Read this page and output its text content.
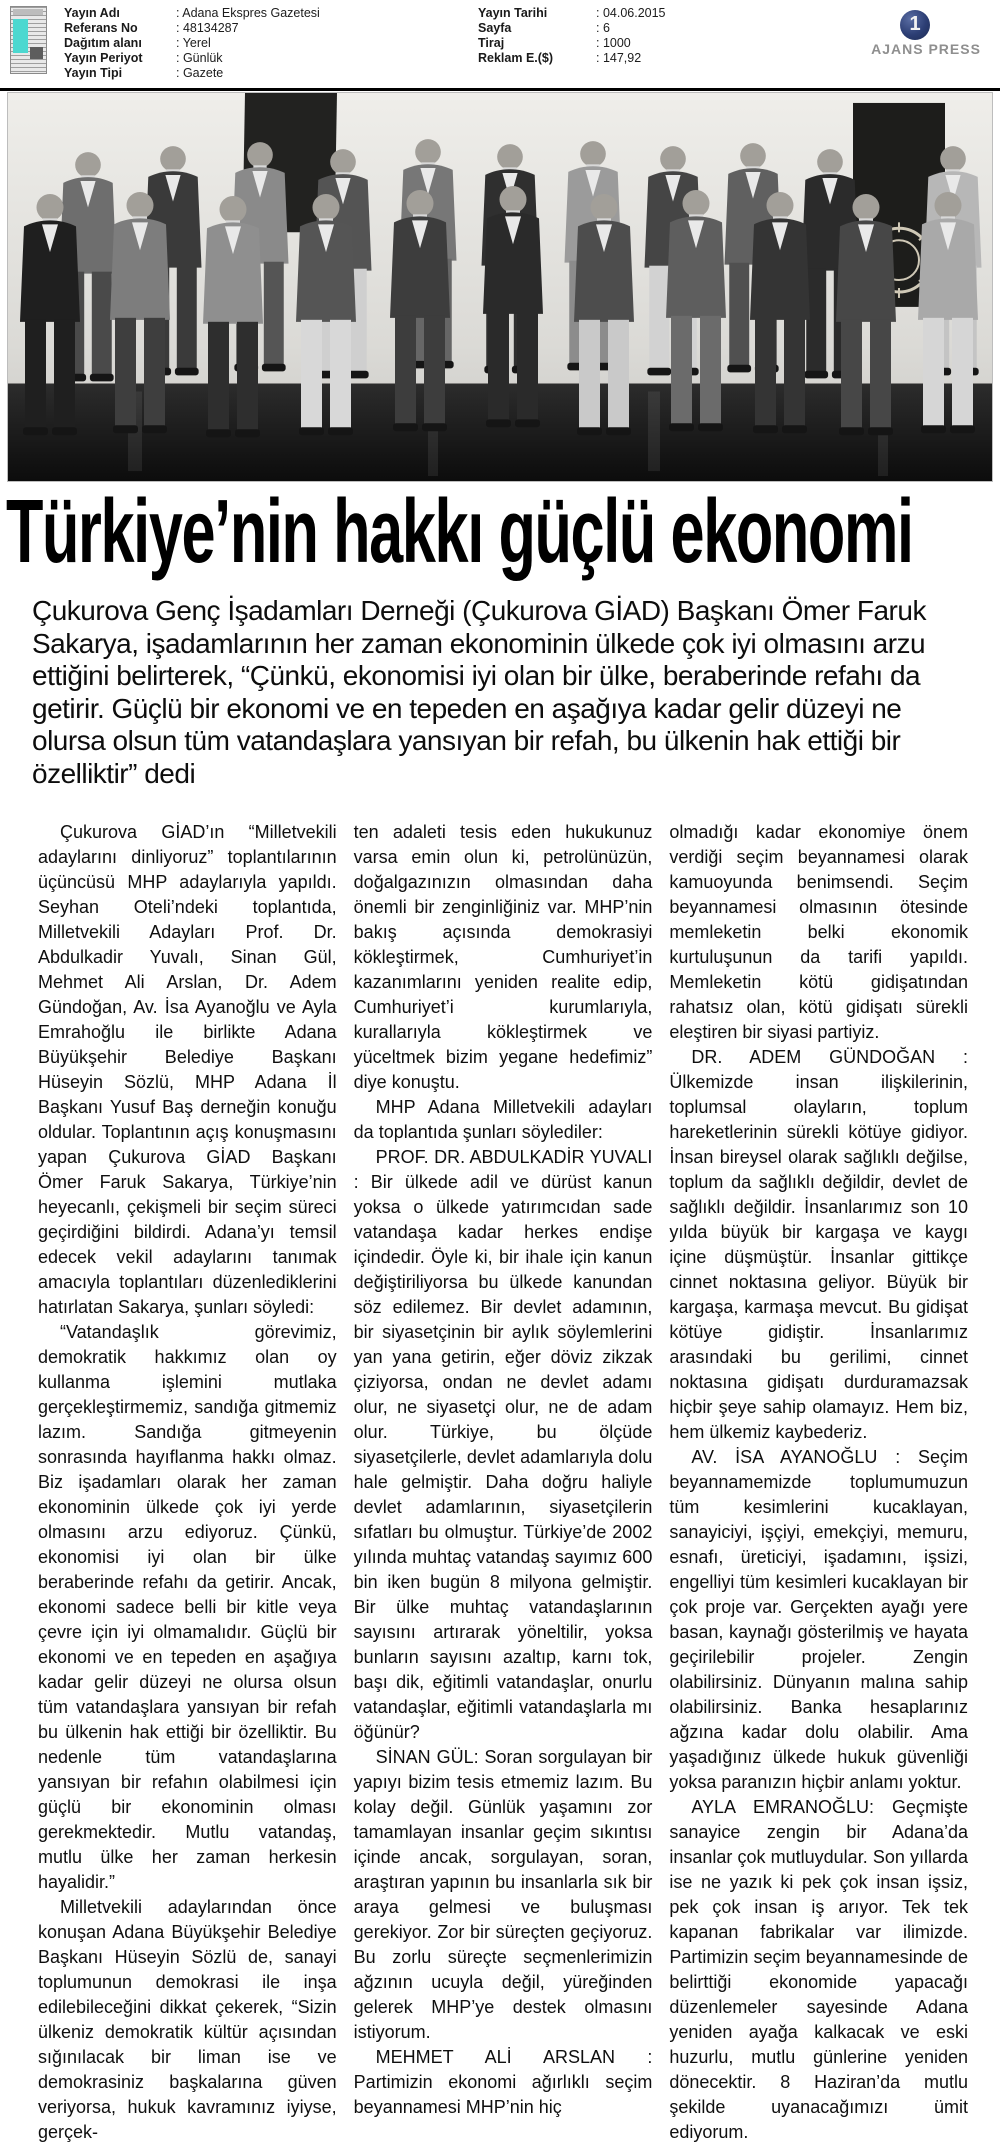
Yayın Adı	: Adana Ekspres Gazetesi
Referans No	: 48134287
Dağıtım alanı	: Yerel
Yayın Periyot	: Günlük
Yayın Tipi	: Gazete
Yayın Tarihi	: 04.06.2015
Sayfa	: 6
Tiraj	: 1000
Reklam E.($)	: 147,92
1
AJANS PRESS
Türkiye’nin hakkı güçlü ekonomi
Çukurova Genç İşadamları Derneği (Çukurova GİAD) Başkanı Ömer Faruk Sakarya, işadamlarının her zaman ekonominin ülkede çok iyi olmasını arzu ettiğini belirterek, “Çünkü, ekonomisi iyi olan bir ülke, beraberinde refahı da getirir. Güçlü bir ekonomi ve en tepeden en aşağıya kadar gelir düzeyi ne olursa olsun tüm vatandaşlara yansıyan bir refah, bu ülkenin hak ettiği bir özelliktir” dedi

Çukurova GİAD’ın “Milletvekili adaylarını dinliyoruz” toplantılarının üçüncüsü MHP adaylarıyla yapıldı. Seyhan Oteli’ndeki toplantıda, Milletvekili Adayları Prof. Dr. Abdulkadir Yuvalı, Sinan Gül, Mehmet Ali Arslan, Dr. Adem Gündoğan, Av. İsa Ayanoğlu ve Ayla Emrahoğlu ile birlikte Adana Büyükşehir Belediye Başkanı Hüseyin Sözlü, MHP Adana İl Başkanı Yusuf Baş derneğin konuğu oldular. Toplantının açış konuşmasını yapan Çukurova GİAD Başkanı Ömer Faruk Sakarya, Türkiye’nin heyecanlı, çekişmeli bir seçim süreci geçirdiğini bildirdi. Adana’yı temsil edecek vekil adaylarını tanımak amacıyla toplantıları düzenlediklerini hatırlatan Sakarya, şunları söyledi:

“Vatandaşlık görevimiz, demokratik hakkımız olan oy kullanma işlemini mutlaka gerçekleştirmemiz, sandığa gitmemiz lazım. Sandığa gitmeyenin sonrasında hayıflanma hakkı olmaz. Biz işadamları olarak her zaman ekonominin ülkede çok iyi yerde olmasını arzu ediyoruz. Çünkü, ekonomisi iyi olan bir ülke beraberinde refahı da getirir. Ancak, ekonomi sadece belli bir kitle veya çevre için iyi olmamalıdır. Güçlü bir ekonomi ve en tepeden en aşağıya kadar gelir düzeyi ne olursa olsun tüm vatandaşlara yansıyan bir refah bu ülkenin hak ettiği bir özelliktir. Bu nedenle tüm vatandaşlarına yansıyan bir refahın olabilmesi için güçlü bir ekonominin olması gerekmektedir. Mutlu vatandaş, mutlu ülke her zaman herkesin hayalidir.”

Milletvekili adaylarından önce konuşan Adana Büyükşehir Belediye Başkanı Hüseyin Sözlü de, sanayi toplumunun demokrasi ile inşa edilebileceğini dikkat çekerek, “Sizin ülkeniz demokratik kültür açısından sığınılacak bir liman ise ve demokrasiniz başkalarına güven veriyorsa, hukuk kavramınız iyiyse, gerçek-

ten adaleti tesis eden hukukunuz varsa emin olun ki, petrolünüzün, doğalgazınızın olmasından daha önemli bir zenginliğiniz var. MHP’nin bakış açısında demokrasiyi kökleştirmek, Cumhuriyet’in kazanımlarını yeniden realite edip, Cumhuriyet’i kurumlarıyla, kurallarıyla kökleştirmek ve yüceltmek bizim yegane hedefimiz” diye konuştu.

MHP Adana Milletvekili adayları da toplantıda şunları söylediler:

PROF. DR. ABDULKADİR YUVALI : Bir ülkede adil ve dürüst kanun yoksa o ülkede yatırımcıdan sade vatandaşa kadar herkes endişe içindedir. Öyle ki, bir ihale için kanun değiştiriliyorsa bu ülkede kanundan söz edilemez. Bir devlet adamının, bir siyasetçinin bir aylık söylemlerini yan yana getirin, eğer döviz zikzak çiziyorsa, ondan ne devlet adamı olur, ne siyasetçi olur, ne de adam olur. Türkiye, bu ölçüde siyasetçilerle, devlet adamlarıyla dolu hale gelmiştir. Daha doğru haliyle devlet adamlarının, siyasetçilerin sıfatları bu olmuştur. Türkiye’de 2002 yılında muhtaç vatandaş sayımız 600 bin iken bugün 8 milyona gelmiştir. Bir ülke muhtaç vatandaşlarının sayısını artırarak yöneltilir, yoksa bunların sayısını azaltıp, karnı tok, başı dik, eğitimli vatandaşlar, onurlu vatandaşlar, eğitimli vatandaşlarla mı öğünür?

SİNAN GÜL: Soran sorgulayan bir yapıyı bizim tesis etmemiz lazım. Bu kolay değil. Günlük yaşamını zor tamamlayan insanlar geçim sıkıntısı içinde ancak, sorgulayan, soran, araştıran yapının bu insanlarla sık bir araya gelmesi ve buluşması gerekiyor. Zor bir süreçten geçiyoruz. Bu zorlu süreçte seçmenlerimizin ağzının ucuyla değil, yüreğinden gelerek MHP’ye destek olmasını istiyorum.

MEHMET ALİ ARSLAN : Partimizin ekonomi ağırlıklı seçim beyannamesi MHP’nin hiç

olmadığı kadar ekonomiye önem verdiği seçim beyannamesi olarak kamuoyunda benimsendi. Seçim beyannamesi olmasının ötesinde memleketin belki ekonomik kurtuluşunun da tarifi yapıldı. Memleketin kötü gidişatından rahatsız olan, kötü gidişatı sürekli eleştiren bir siyasi partiyiz.

DR. ADEM GÜNDOĞAN : Ülkemizde insan ilişkilerinin, toplumsal olayların, toplum hareketlerinin sürekli kötüye gidiyor. İnsan bireysel olarak sağlıklı değilse, toplum da sağlıklı değildir, devlet de sağlıklı değildir. İnsanlarımız son 10 yılda büyük bir kargaşa ve kaygı içine düşmüştür. İnsanlar gittikçe cinnet noktasına geliyor. Büyük bir kargaşa, karmaşa mevcut. Bu gidişat kötüye gidiştir. İnsanlarımız arasındaki bu gerilimi, cinnet noktasına gidişatı durduramazsak hiçbir şeye sahip olamayız. Hem biz, hem ülkemiz kaybederiz.

AV. İSA AYANOĞLU : Seçim beyannamemizde toplumumuzun tüm kesimlerini kucaklayan, sanayiciyi, işçiyi, emekçiyi, memuru, esnafı, üreticiyi, işadamını, işsizi, engelliyi tüm kesimleri kucaklayan bir çok proje var. Gerçekten ayağı yere basan, kaynağı gösterilmiş ve hayata geçirilebilir projeler. Zengin olabilirsiniz. Dünyanın malına sahip olabilirsiniz. Banka hesaplarınız ağzına kadar dolu olabilir. Ama yaşadığınız ülkede hukuk güvenliği yoksa paranızın hiçbir anlamı yoktur.

AYLA EMRANOĞLU: Geçmişte sanayice zengin bir Adana’da insanlar çok mutluydular. Son yıllarda ise ne yazık ki pek çok insan işsiz, pek çok insan iş arıyor. Tek tek kapanan fabrikalar var ilimizde. Partimizin seçim beyannamesinde de belirttiği ekonomide yapacağı düzenlemeler sayesinde Adana yeniden ayağa kalkacak ve eski huzurlu, mutlu günlerine yeniden dönecektir. 8 Haziran’da mutlu şekilde uyanacağımızı ümit ediyorum.
